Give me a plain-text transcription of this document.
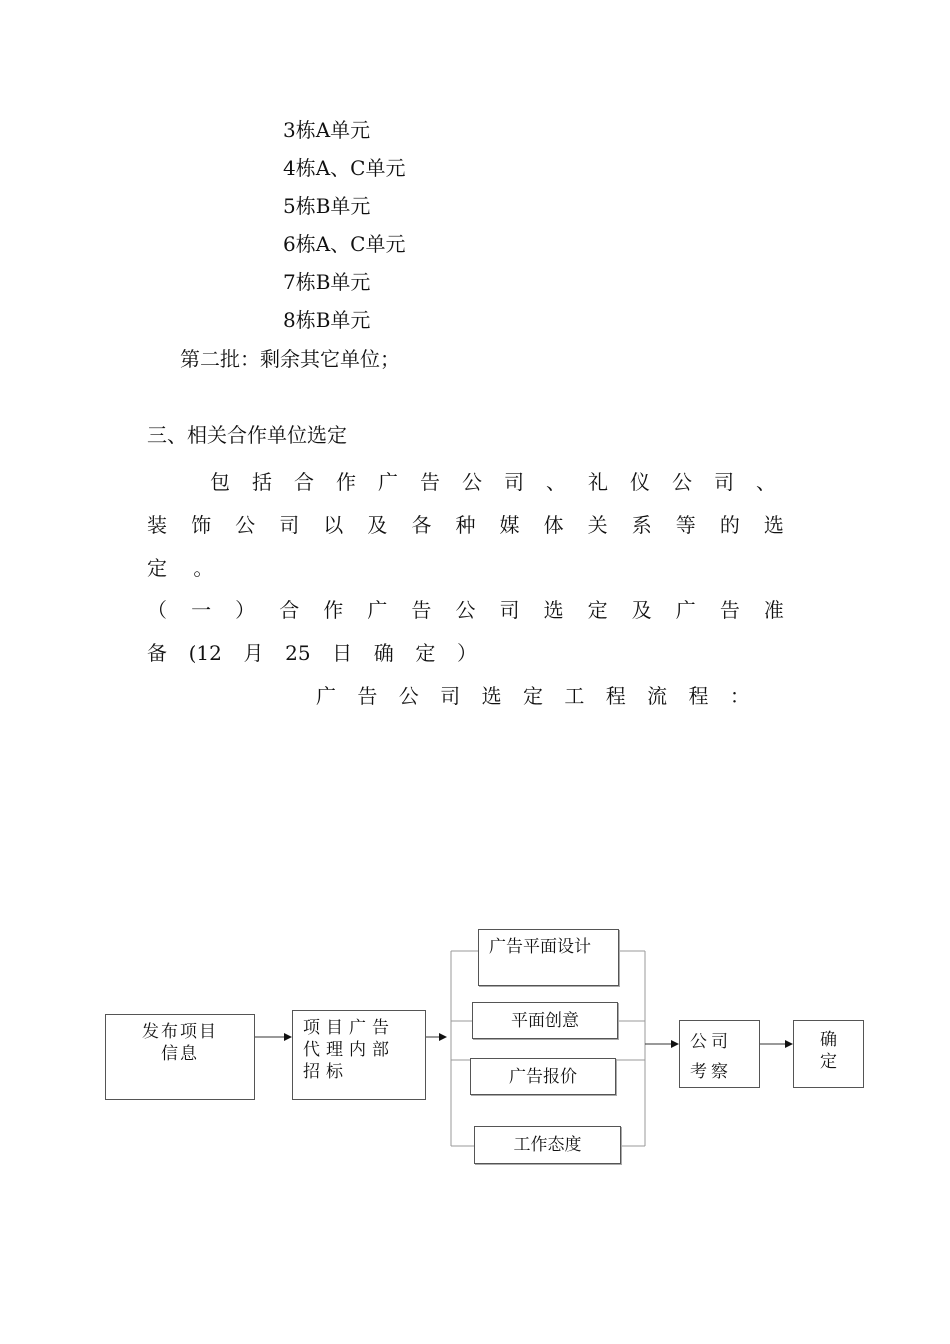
3栋A单元
4栋A、C单元
5栋B单元
6栋A、C单元
7栋B单元
8栋B单元
第二批：剩余其它单位；
三、相关合作单位选定
包 括 合 作 广 告 公 司 、 礼 仪 公 司 、
装 饰 公 司 以 及 各 种 媒 体 关 系 等 的 选
定 。
（ 一 ） 合 作 广 告 公 司 选 定 及 广 告 准
备 (12 月 25 日 确 定 ）
广 告 公 司 选 定 工 程 流 程 ：
发布项目信息
项目广告代理内部招标
广告平面设计
平面创意
广告报价
工作态度
公司考察
确定
